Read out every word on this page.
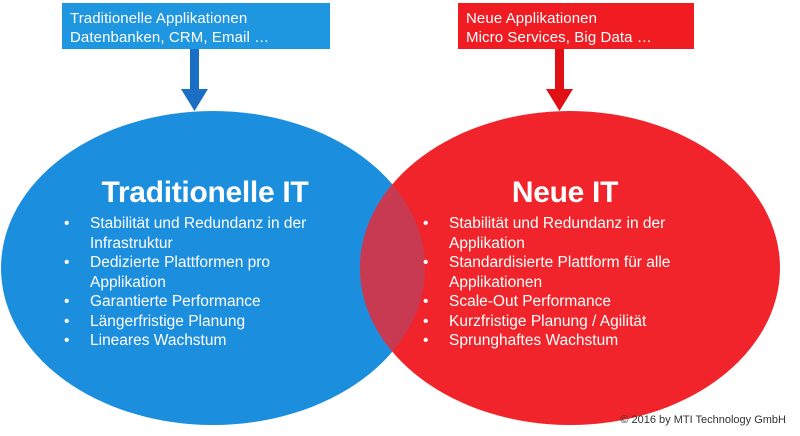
Traditionelle Applikationen
Datenbanken, CRM, Email …
Neue Applikationen
Micro Services, Big Data …
Traditionelle IT	Neue IT
• Stabilität und Redundanz in der
Infrastruktur
• Dedizierte Plattformen pro
Applikation
• Garantierte Performance
• Längerfristige Planung
• Lineares Wachstum
• Stabilität und Redundanz in der
Applikation
• Standardisierte Plattform für alle
Applikationen
• Scale-Out Performance
• Kurzfristige Planung / Agilität
• Sprunghaftes Wachstum
© 2016 by MTI Technology GmbH
